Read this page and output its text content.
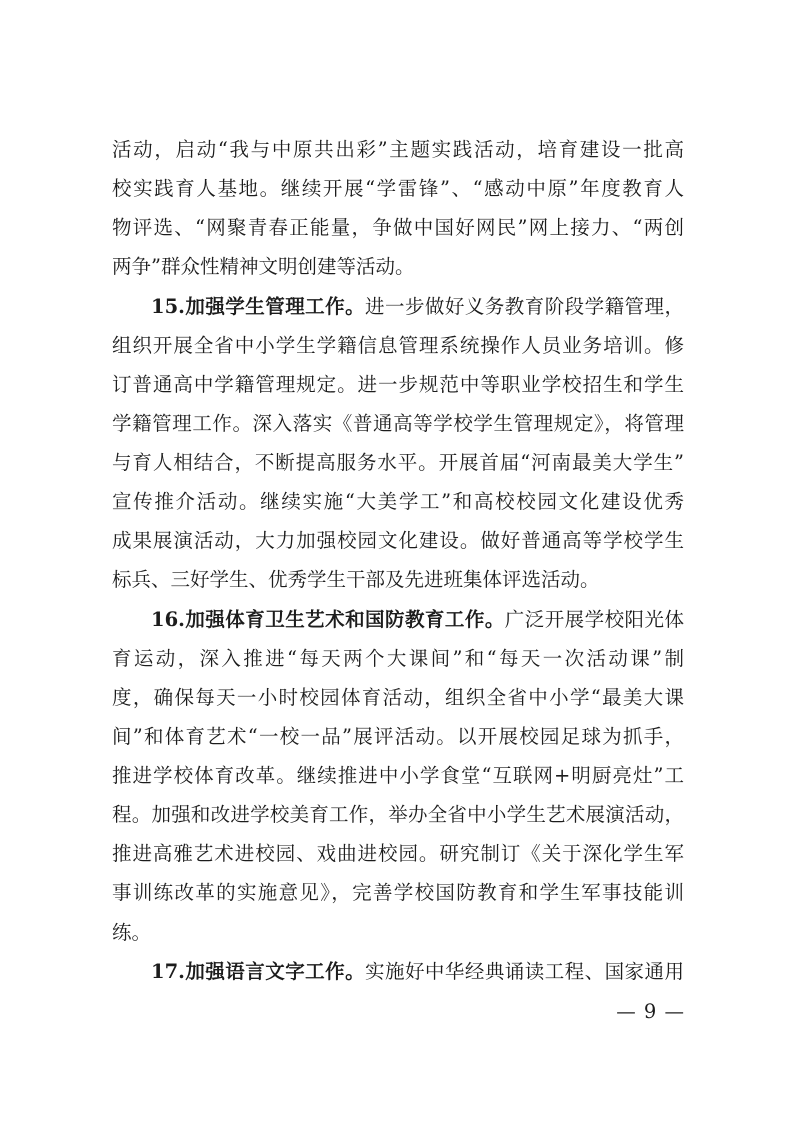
活动，启动“我与中原共出彩”主题实践活动，培育建设一批高
校实践育人基地。继续开展“学雷锋”、“感动中原”年度教育人
物评选、“网聚青春正能量，争做中国好网民”网上接力、“两创
两争”群众性精神文明创建等活动。
15.加强学生管理工作。进一步做好义务教育阶段学籍管理，
组织开展全省中小学生学籍信息管理系统操作人员业务培训。修
订普通高中学籍管理规定。进一步规范中等职业学校招生和学生
学籍管理工作。深入落实《普通高等学校学生管理规定》，将管理
与育人相结合，不断提高服务水平。开展首届“河南最美大学生”
宣传推介活动。继续实施“大美学工”和高校校园文化建设优秀
成果展演活动，大力加强校园文化建设。做好普通高等学校学生
标兵、三好学生、优秀学生干部及先进班集体评选活动。
16.加强体育卫生艺术和国防教育工作。广泛开展学校阳光体
育运动，深入推进“每天两个大课间”和“每天一次活动课”制
度，确保每天一小时校园体育活动，组织全省中小学“最美大课
间”和体育艺术“一校一品”展评活动。以开展校园足球为抓手，
推进学校体育改革。继续推进中小学食堂“互联网+明厨亮灶”工
程。加强和改进学校美育工作，举办全省中小学生艺术展演活动，
推进高雅艺术进校园、戏曲进校园。研究制订《关于深化学生军
事训练改革的实施意见》，完善学校国防教育和学生军事技能训
练。
17.加强语言文字工作。实施好中华经典诵读工程、国家通用
— 9 —
